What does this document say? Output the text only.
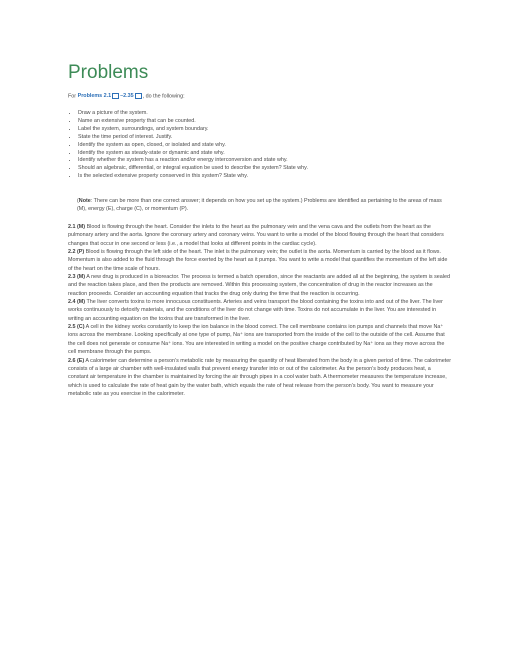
Problems
For Problems 2.1 –2.35 , do the following:
• Draw a picture of the system.
• Name an extensive property that can be counted.
• Label the system, surroundings, and system boundary.
• State the time period of interest. Justify.
• Identify the system as open, closed, or isolated and state why.
• Identify the system as steady-state or dynamic and state why.
• Identify whether the system has a reaction and/or energy interconversion and state why.
• Should an algebraic, differential, or integral equation be used to describe the system? State why.
• Is the selected extensive property conserved in this system? State why.
(Note: There can be more than one correct answer; it depends on how you set up the system.) Problems are identified as pertaining to the areas of mass (M), energy (E), charge (C), or momentum (P).

2.1 (M) Blood is flowing through the heart. Consider the inlets to the heart as the pulmonary vein and the vena cava and the outlets from the heart as the pulmonary artery and the aorta. Ignore the coronary artery and coronary veins. You want to write a model of the blood flowing through the heart that considers changes that occur in one second or less (i.e., a model that looks at different points in the cardiac cycle).

2.2 (P) Blood is flowing through the left side of the heart. The inlet is the pulmonary vein; the outlet is the aorta. Momentum is carried by the blood as it flows. Momentum is also added to the fluid through the force exerted by the heart as it pumps. You want to write a model that quantifies the momentum of the left side of the heart on the time scale of hours.

2.3 (M) A new drug is produced in a bioreactor. The process is termed a batch operation, since the reactants are added all at the beginning, the system is sealed and the reaction takes place, and then the products are removed. Within this processing system, the concentration of drug in the reactor increases as the reaction proceeds. Consider an accounting equation that tracks the drug only during the time that the reaction is occurring.

2.4 (M) The liver converts toxins to more innocuous constituents. Arteries and veins transport the blood containing the toxins into and out of the liver. The liver works continuously to detoxify materials, and the conditions of the liver do not change with time. Toxins do not accumulate in the liver. You are interested in writing an accounting equation on the toxins that are transformed in the liver.

2.5 (C) A cell in the kidney works constantly to keep the ion balance in the blood correct. The cell membrane contains ion pumps and channels that move Na⁺ ions across the membrane. Looking specifically at one type of pump, Na⁺ ions are transported from the inside of the cell to the outside of the cell. Assume that the cell does not generate or consume Na⁺ ions. You are interested in writing a model on the positive charge contributed by Na⁺ ions as they move across the cell membrane through the pumps.

2.6 (E) A calorimeter can determine a person’s metabolic rate by measuring the quantity of heat liberated from the body in a given period of time. The calorimeter consists of a large air chamber with well-insulated walls that prevent energy transfer into or out of the calorimeter. As the person’s body produces heat, a constant air temperature in the chamber is maintained by forcing the air through pipes in a cool water bath. A thermometer measures the temperature increase, which is used to calculate the rate of heat gain by the water bath, which equals the rate of heat release from the person’s body. You want to measure your metabolic rate as you exercise in the calorimeter.
